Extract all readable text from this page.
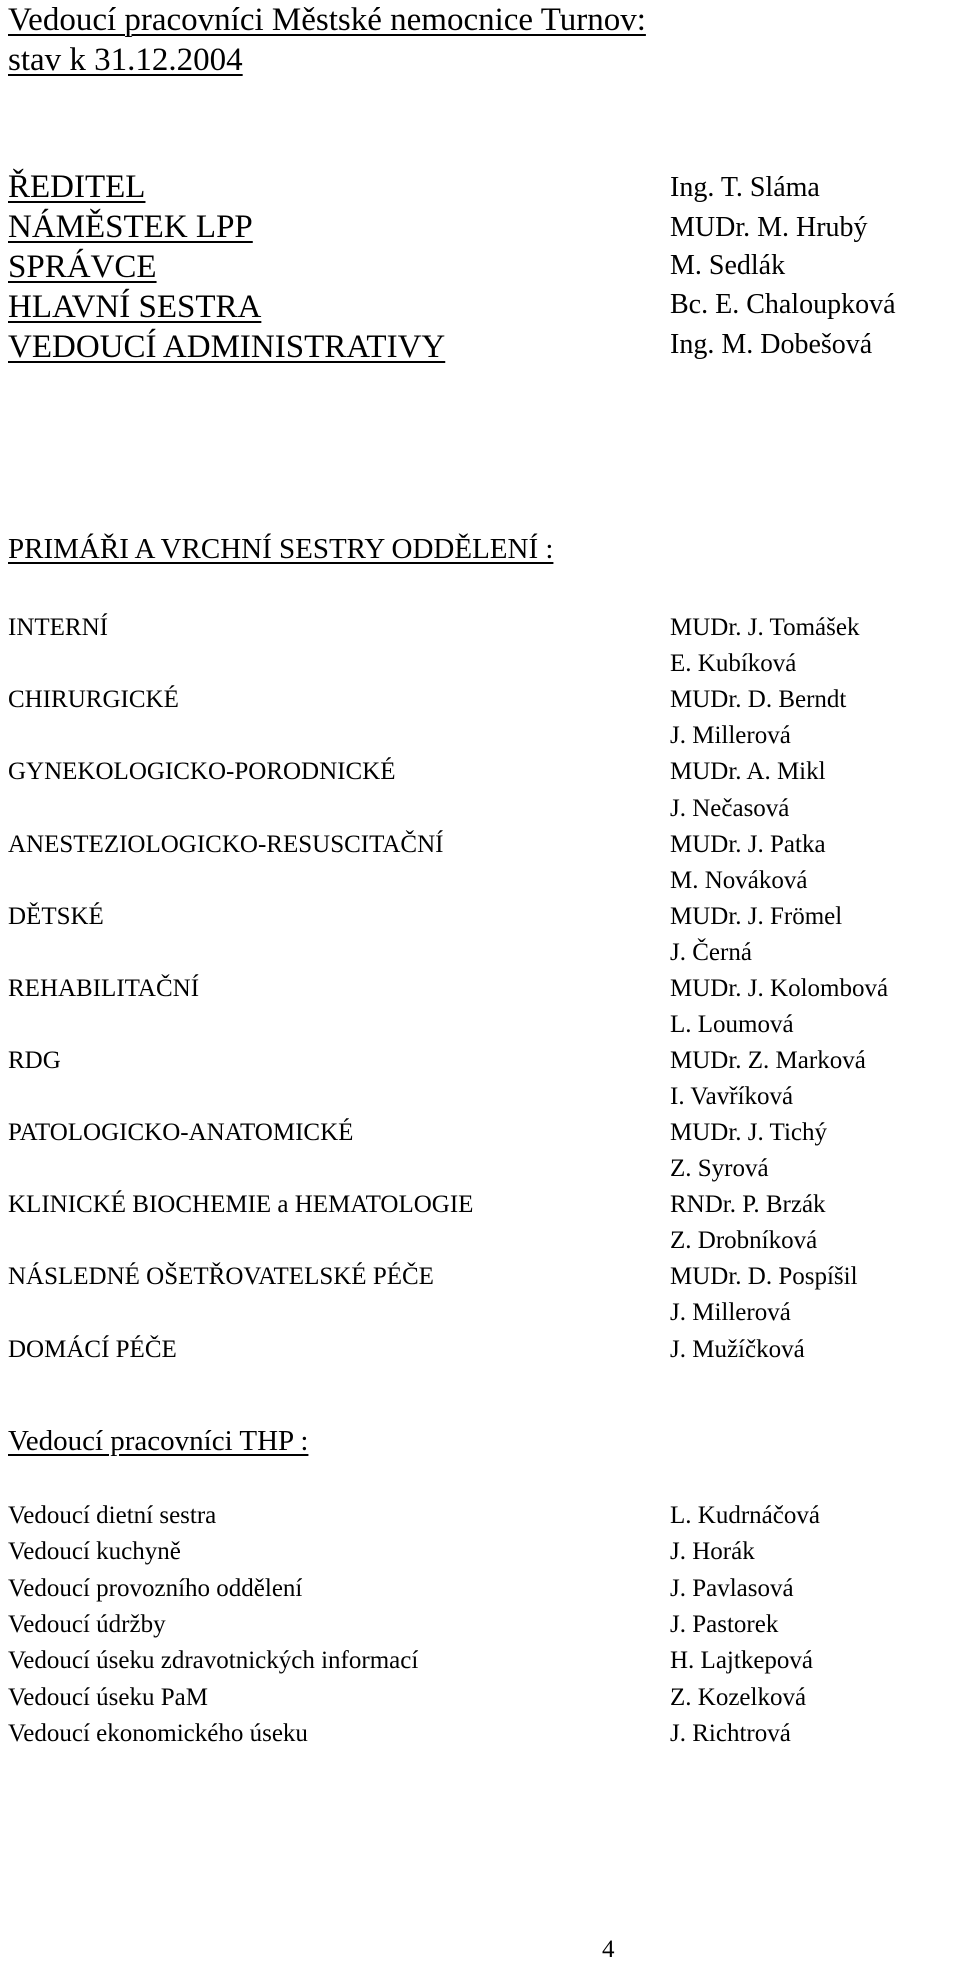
Vedoucí pracovníci Městské nemocnice Turnov:
stav k 31.12.2004
ŘEDITEL	Ing. T. Sláma
NÁMĚSTEK LPP	MUDr. M. Hrubý
SPRÁVCE	M. Sedlák
HLAVNÍ SESTRA	Bc. E. Chaloupková
VEDOUCÍ ADMINISTRATIVY	Ing. M. Dobešová
PRIMÁŘI A VRCHNÍ SESTRY ODDĚLENÍ :
INTERNÍ	MUDr. J. Tomášek
E. Kubíková
CHIRURGICKÉ	MUDr. D. Berndt
J. Millerová
GYNEKOLOGICKO-PORODNICKÉ	MUDr. A. Mikl
J. Nečasová
ANESTEZIOLOGICKO-RESUSCITAČNÍ	MUDr. J. Patka
M. Nováková
DĚTSKÉ	MUDr. J. Frömel
J. Černá
REHABILITAČNÍ	MUDr. J. Kolombová
L. Loumová
RDG	MUDr. Z. Marková
I. Vavříková
PATOLOGICKO-ANATOMICKÉ	MUDr. J. Tichý
Z. Syrová
KLINICKÉ BIOCHEMIE a HEMATOLOGIE	RNDr. P. Brzák
Z. Drobníková
NÁSLEDNÉ OŠETŘOVATELSKÉ PÉČE	MUDr. D. Pospíšil
J. Millerová
DOMÁCÍ PÉČE	J. Mužíčková
Vedoucí pracovníci THP :
Vedoucí dietní sestra	L. Kudrnáčová
Vedoucí kuchyně	J. Horák
Vedoucí provozního oddělení	J. Pavlasová
Vedoucí údržby	J. Pastorek
Vedoucí úseku zdravotnických informací	H. Lajtkepová
Vedoucí úseku PaM	Z. Kozelková
Vedoucí ekonomického úseku	J. Richtrová
4
